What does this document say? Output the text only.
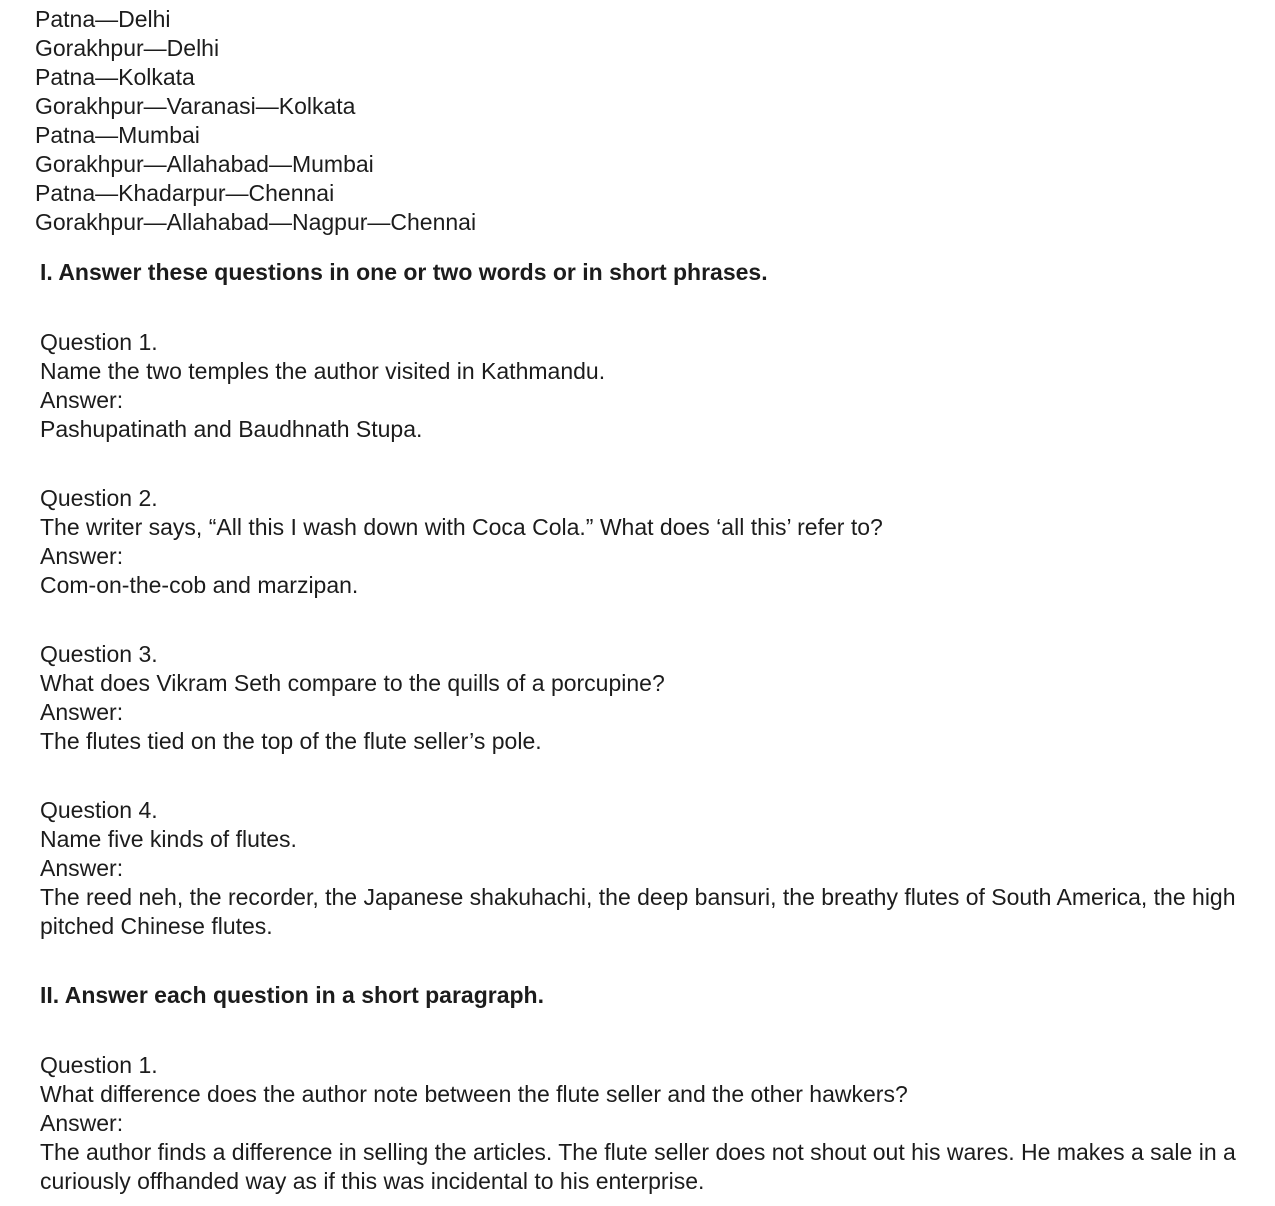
Patna—Delhi
Gorakhpur—Delhi
Patna—Kolkata
Gorakhpur—Varanasi—Kolkata
Patna—Mumbai
Gorakhpur—Allahabad—Mumbai
Patna—Khadarpur—Chennai
Gorakhpur—Allahabad—Nagpur—Chennai

I. Answer these questions in one or two words or in short phrases.

Question 1.
Name the two temples the author visited in Kathmandu.
Answer:
Pashupatinath and Baudhnath Stupa.
Question 2.
The writer says, “All this I wash down with Coca Cola.” What does ‘all this’ refer to?
Answer:
Com-on-the-cob and marzipan.
Question 3.
What does Vikram Seth compare to the quills of a porcupine?
Answer:
The flutes tied on the top of the flute seller’s pole.
Question 4.
Name five kinds of flutes.
Answer:
The reed neh, the recorder, the Japanese shakuhachi, the deep bansuri, the breathy flutes of South America, the high pitched Chinese flutes.

II. Answer each question in a short paragraph.

Question 1.
What difference does the author note between the flute seller and the other hawkers?
Answer:
The author finds a difference in selling the articles. The flute seller does not shout out his wares. He makes a sale in a curiously offhanded way as if this was incidental to his enterprise.
